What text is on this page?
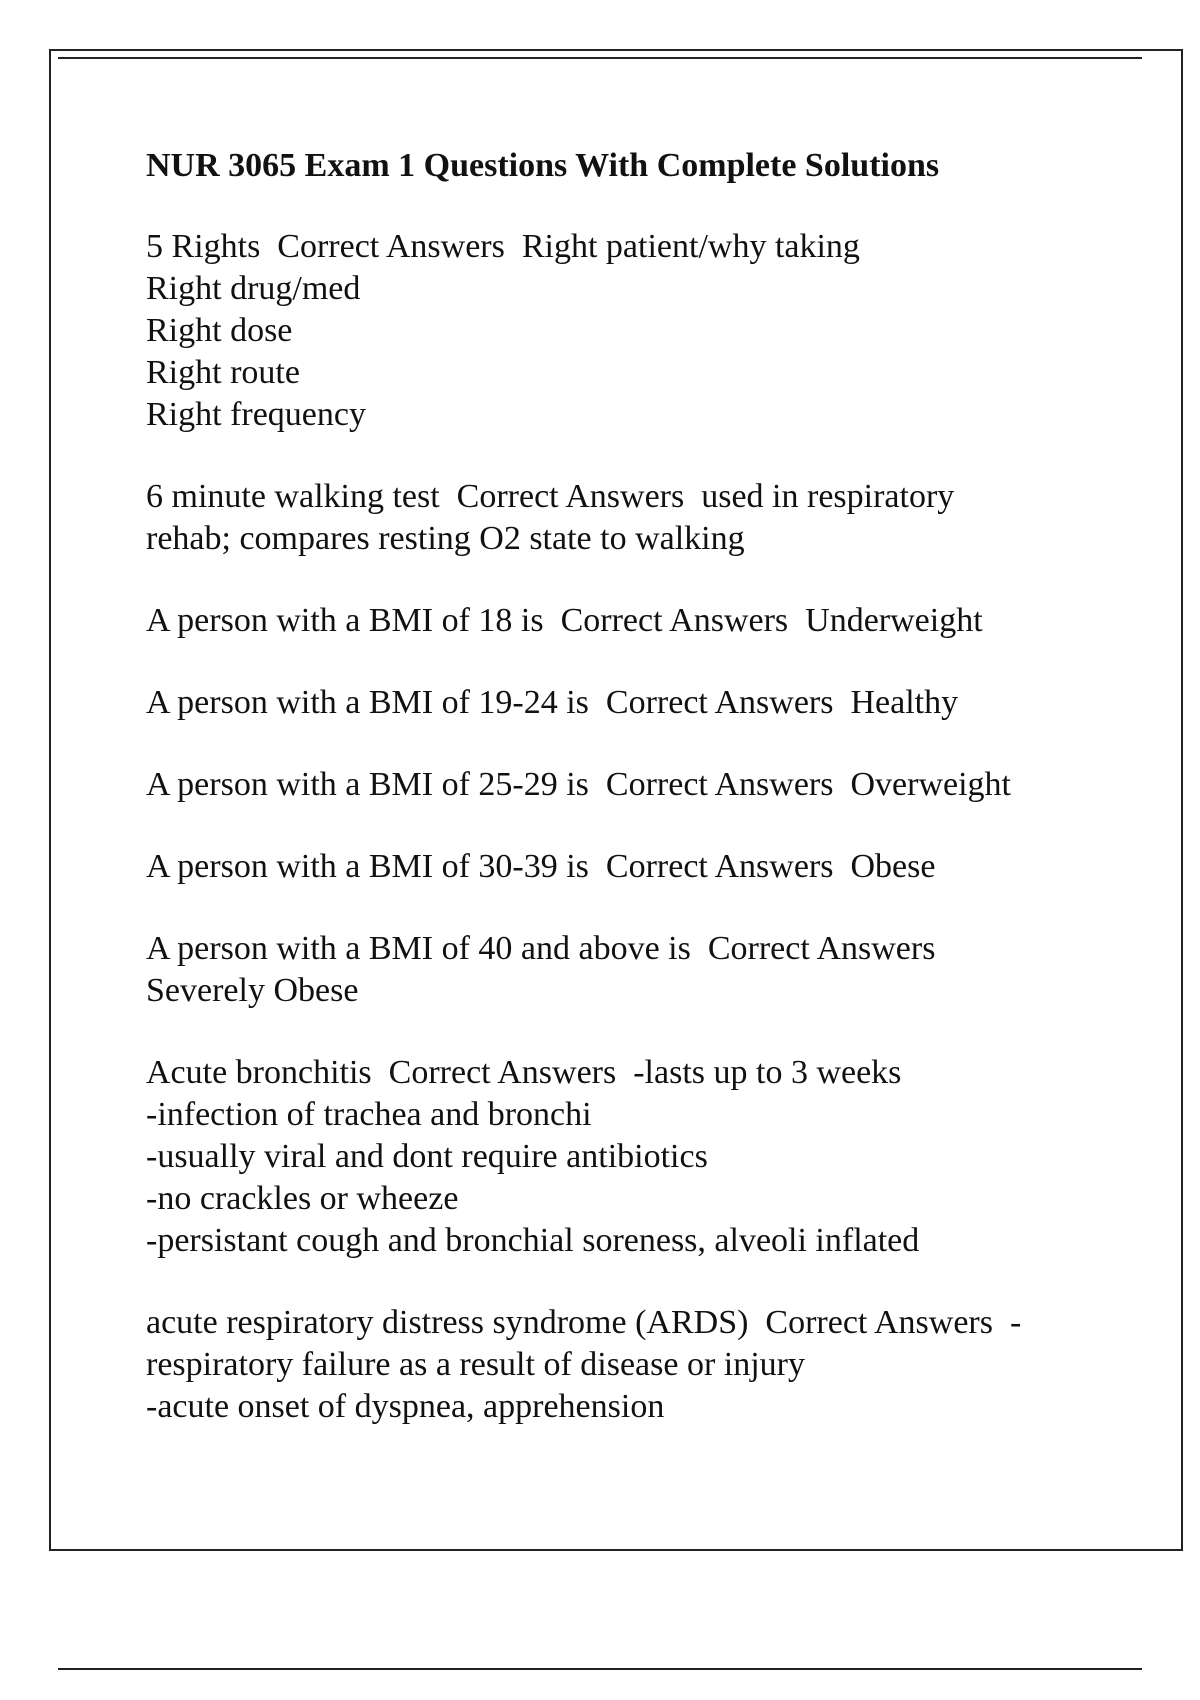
NUR 3065 Exam 1 Questions With Complete Solutions
5 Rights  Correct Answers  Right patient/why taking
Right drug/med
Right dose
Right route
Right frequency
6 minute walking test  Correct Answers  used in respiratory
rehab; compares resting O2 state to walking
A person with a BMI of 18 is  Correct Answers  Underweight
A person with a BMI of 19-24 is  Correct Answers  Healthy
A person with a BMI of 25-29 is  Correct Answers  Overweight
A person with a BMI of 30-39 is  Correct Answers  Obese
A person with a BMI of 40 and above is  Correct Answers
Severely Obese
Acute bronchitis  Correct Answers  -lasts up to 3 weeks
-infection of trachea and bronchi
-usually viral and dont require antibiotics
-no crackles or wheeze
-persistant cough and bronchial soreness, alveoli inflated
acute respiratory distress syndrome (ARDS)  Correct Answers  -
respiratory failure as a result of disease or injury
-acute onset of dyspnea, apprehension
